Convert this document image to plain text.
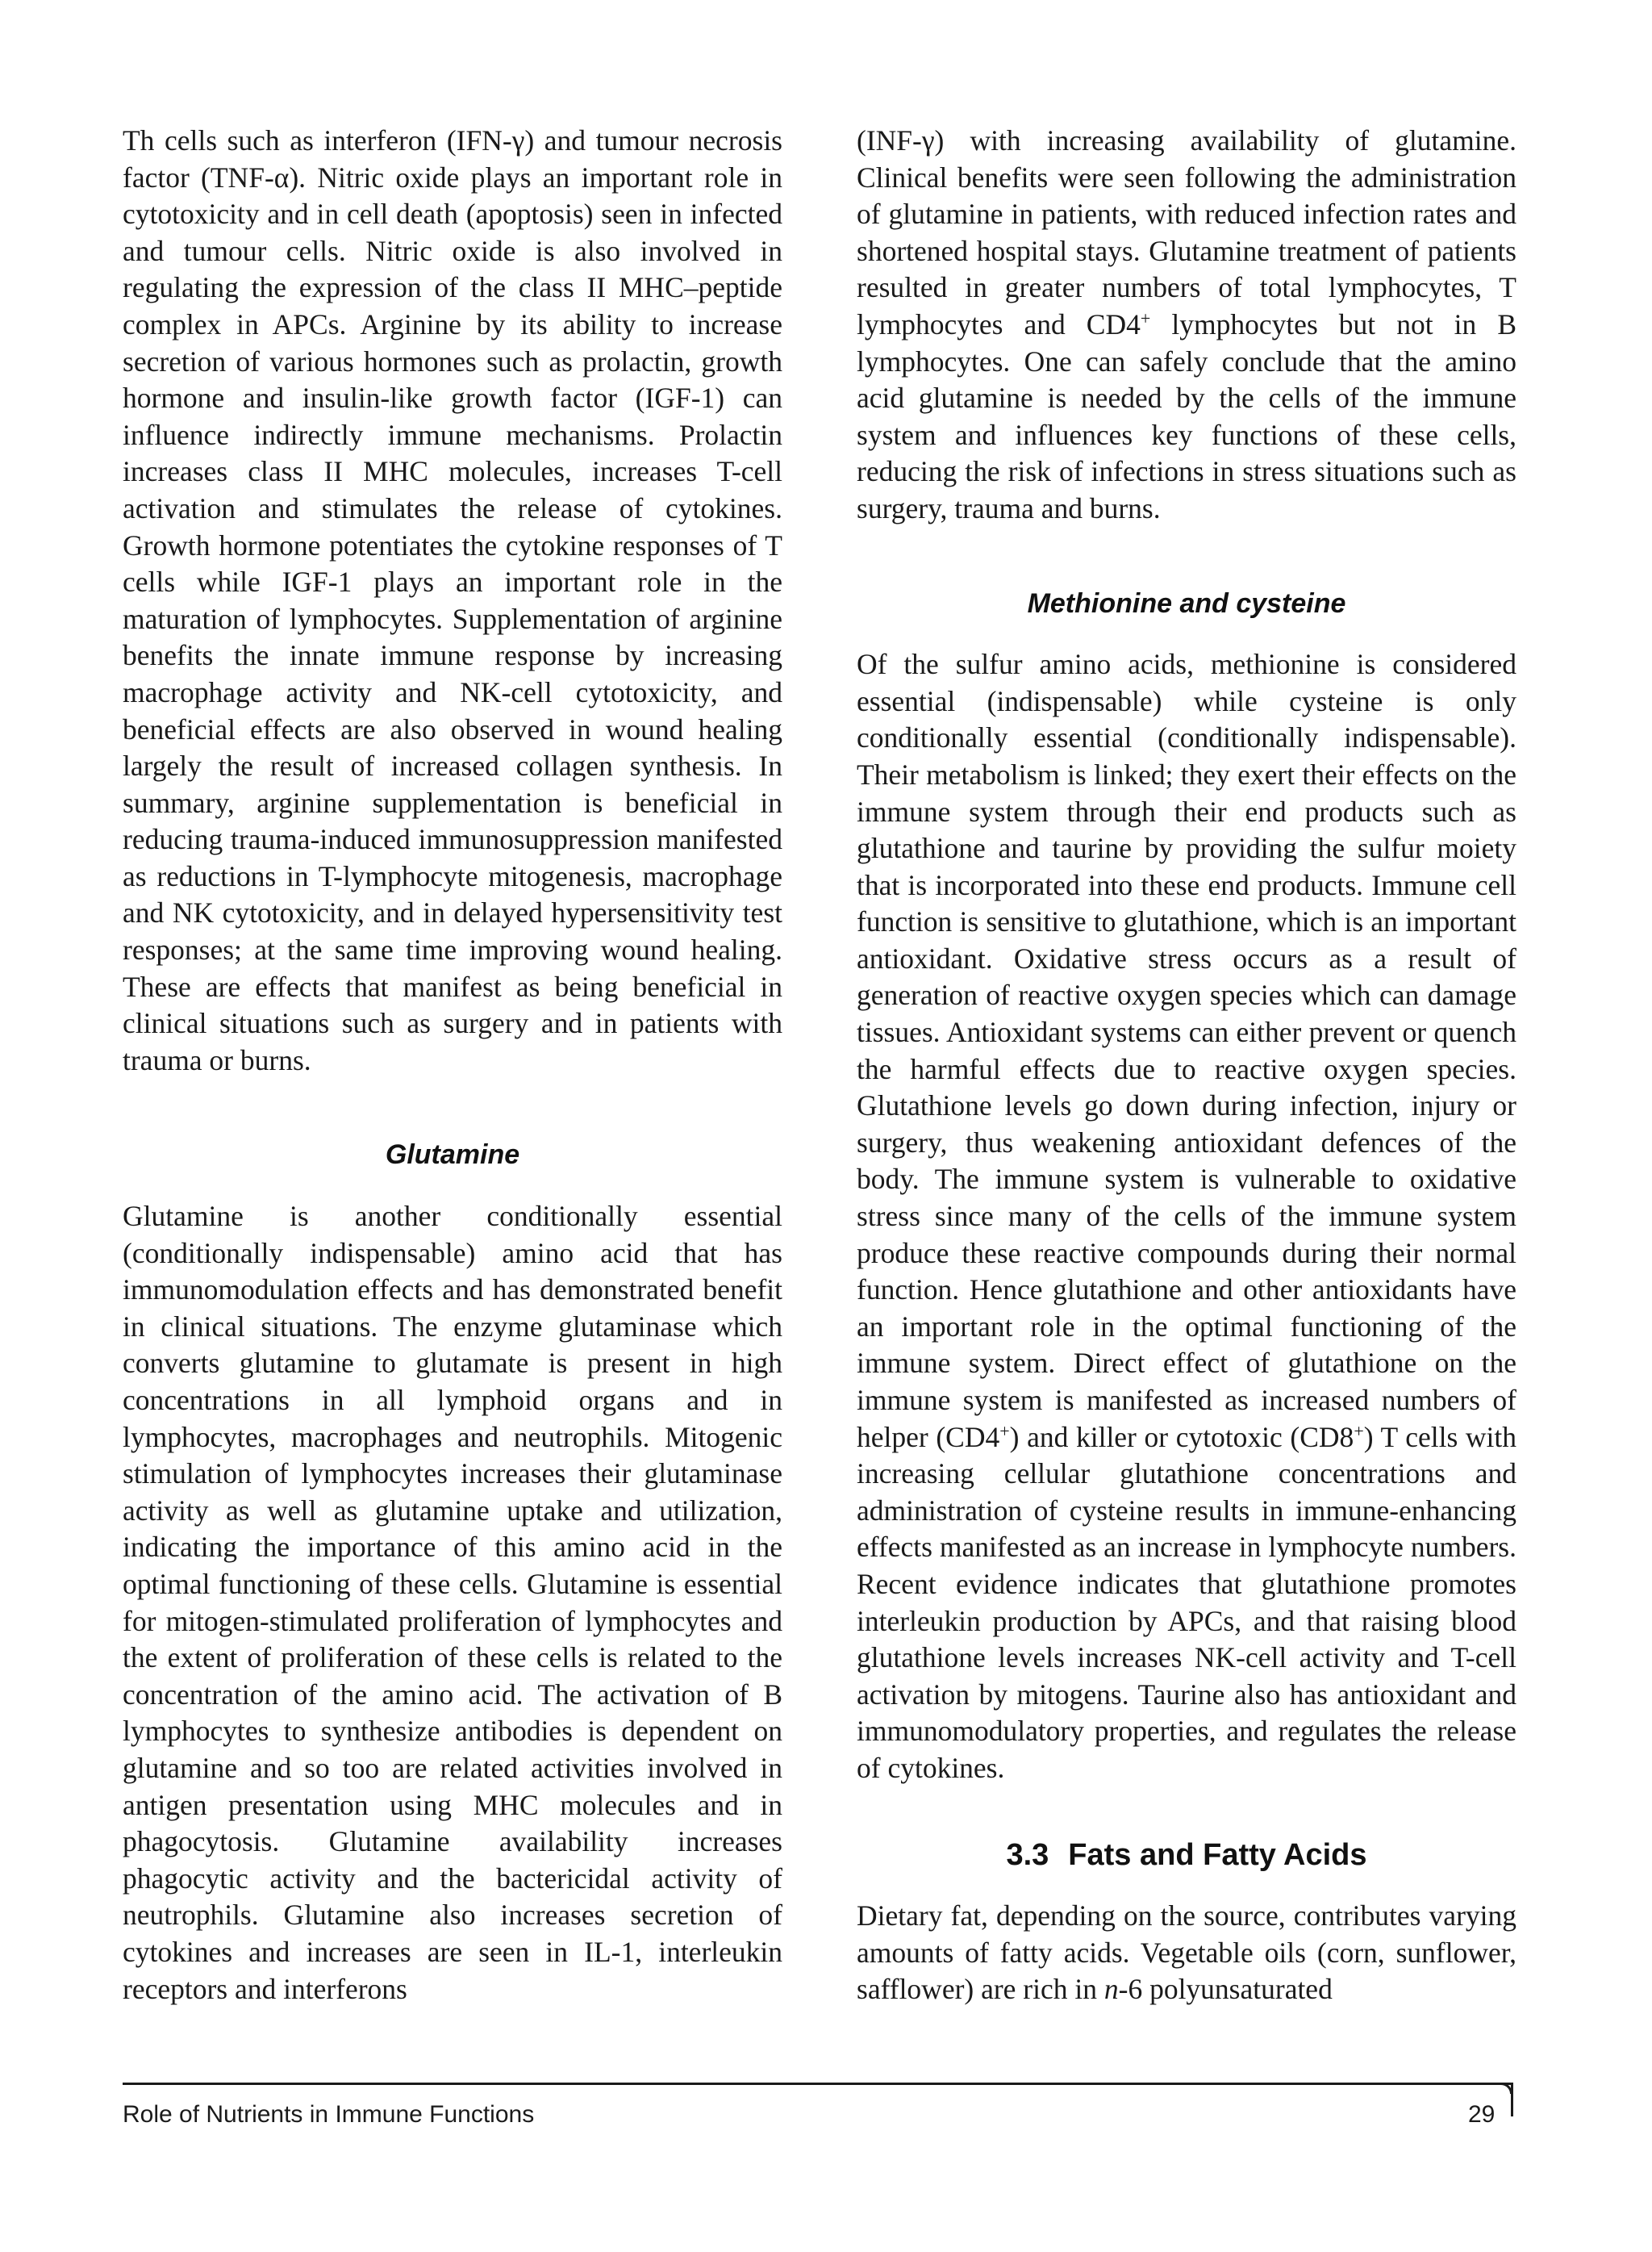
Th cells such as interferon (IFN-γ) and tumour necrosis factor (TNF-α). Nitric oxide plays an important role in cytotoxicity and in cell death (apoptosis) seen in infected and tumour cells. Nitric oxide is also involved in regulating the expression of the class II MHC–peptide complex in APCs. Arginine by its ability to increase secretion of various hormones such as prolactin, growth hormone and insulin-like growth factor (IGF-1) can influence indirectly immune mechanisms. Prolactin increases class II MHC molecules, increases T-cell activation and stimulates the release of cytokines. Growth hormone potentiates the cytokine responses of T cells while IGF-1 plays an important role in the maturation of lymphocytes. Supplementation of arginine benefits the innate immune response by increasing macrophage activity and NK-cell cytotoxicity, and beneficial effects are also observed in wound healing largely the result of increased collagen synthesis. In summary, arginine supplementation is beneficial in reducing trauma-induced immunosuppression manifested as reductions in T-lymphocyte mitogenesis, macrophage and NK cytotoxicity, and in delayed hypersensitivity test responses; at the same time improving wound healing. These are effects that manifest as being beneficial in clinical situations such as surgery and in patients with trauma or burns.

Glutamine

Glutamine is another conditionally essential (conditionally indispensable) amino acid that has immunomodulation effects and has demonstrated benefit in clinical situations. The enzyme glutaminase which converts glutamine to glutamate is present in high concentrations in all lymphoid organs and in lymphocytes, macrophages and neutrophils. Mitogenic stimulation of lymphocytes increases their glutaminase activity as well as glutamine uptake and utilization, indicating the importance of this amino acid in the optimal functioning of these cells. Glutamine is essential for mitogen-stimulated proliferation of lymphocytes and the extent of proliferation of these cells is related to the concentration of the amino acid. The activation of B lymphocytes to synthesize antibodies is dependent on glutamine and so too are related activities involved in antigen presentation using MHC molecules and in phagocytosis. Glutamine availability increases phagocytic activity and the bactericidal activity of neutrophils. Glutamine also increases secretion of cytokines and increases are seen in IL-1, interleukin receptors and interferons

(INF-γ) with increasing availability of glutamine. Clinical benefits were seen following the administration of glutamine in patients, with reduced infection rates and shortened hospital stays. Glutamine treatment of patients resulted in greater numbers of total lymphocytes, T lymphocytes and CD4+ lymphocytes but not in B lymphocytes. One can safely conclude that the amino acid glutamine is needed by the cells of the immune system and influences key functions of these cells, reducing the risk of infections in stress situations such as surgery, trauma and burns.

Methionine and cysteine

Of the sulfur amino acids, methionine is considered essential (indispensable) while cysteine is only conditionally essential (conditionally indispensable). Their metabolism is linked; they exert their effects on the immune system through their end products such as glutathione and taurine by providing the sulfur moiety that is incorporated into these end products. Immune cell function is sensitive to glutathione, which is an important antioxidant. Oxidative stress occurs as a result of generation of reactive oxygen species which can damage tissues. Antioxidant systems can either prevent or quench the harmful effects due to reactive oxygen species. Glutathione levels go down during infection, injury or surgery, thus weakening antioxidant defences of the body. The immune system is vulnerable to oxidative stress since many of the cells of the immune system produce these reactive compounds during their normal function. Hence glutathione and other antioxidants have an important role in the optimal functioning of the immune system. Direct effect of glutathione on the immune system is manifested as increased numbers of helper (CD4+) and killer or cytotoxic (CD8+) T cells with increasing cellular glutathione concentrations and administration of cysteine results in immune-enhancing effects manifested as an increase in lymphocyte numbers. Recent evidence indicates that glutathione promotes interleukin production by APCs, and that raising blood glutathione levels increases NK-cell activity and T-cell activation by mitogens. Taurine also has antioxidant and immunomodulatory properties, and regulates the release of cytokines.

3.3 Fats and Fatty Acids

Dietary fat, depending on the source, contributes varying amounts of fatty acids. Vegetable oils (corn, sunflower, safflower) are rich in n-6 polyunsaturated

Role of Nutrients in Immune Functions	29
